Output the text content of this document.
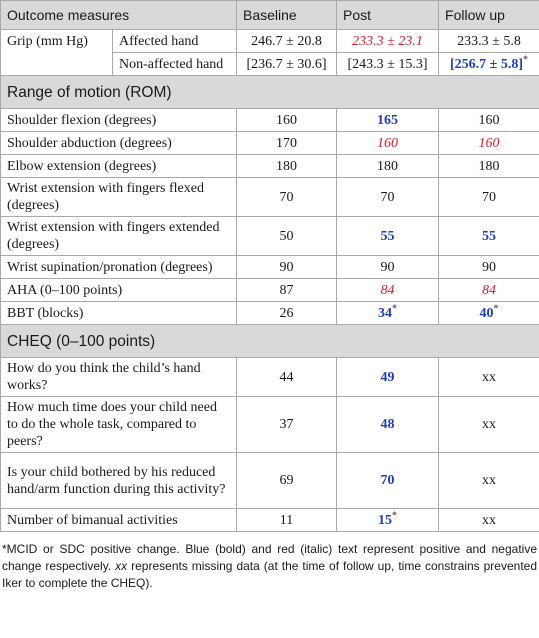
Outcome measures		Baseline	Post	Follow up
Grip (mm Hg)	Affected hand	246.7 ± 20.8	233.3 ± 23.1	233.3 ± 5.8
	Non-affected hand	[236.7 ± 30.6]	[243.3 ± 15.3]	[256.7 ± 5.8]*
Range of motion (ROM)				
Shoulder flexion (degrees)		160	165	160
Shoulder abduction (degrees)		170	160	160
Elbow extension (degrees)		180	180	180
Wrist extension with fingers flexed (degrees)		70	70	70
Wrist extension with fingers extended (degrees)		50	55	55
Wrist supination/pronation (degrees)		90	90	90
AHA (0–100 points)		87	84	84
BBT (blocks)		26	34*	40*
CHEQ (0–100 points)				
How do you think the child’s hand works?		44	49	xx
How much time does your child need to do the whole task, compared to peers?		37	48	xx
Is your child bothered by his reduced hand/arm function during this activity?		69	70	xx
Number of bimanual activities		11	15*	xx
*MCID or SDC positive change. Blue (bold) and red (italic) text represent positive and negative change respectively. xx represents missing data (at the time of follow up, time constrains prevented Iker to complete the CHEQ).
